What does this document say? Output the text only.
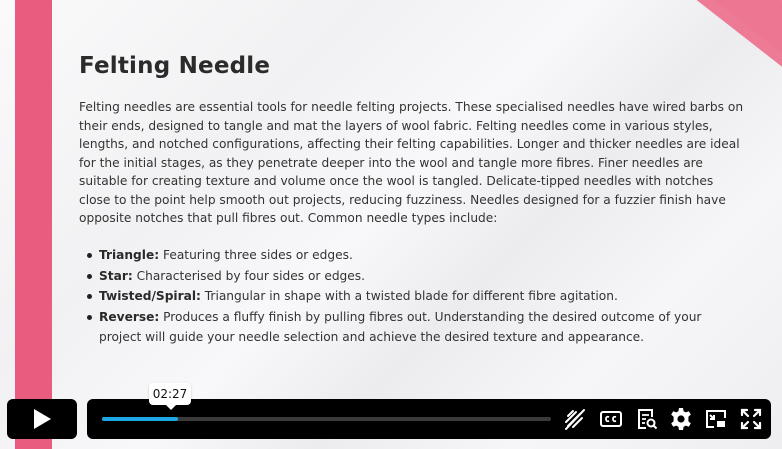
Felting Needle

Felting needles are essential tools for needle felting projects. These specialised needles have wired barbs on their ends, designed to tangle and mat the layers of wool fabric. Felting needles come in various styles, lengths, and notched configurations, affecting their felting capabilities. Longer and thicker needles are ideal for the initial stages, as they penetrate deeper into the wool and tangle more fibres. Finer needles are suitable for creating texture and volume once the wool is tangled. Delicate-tipped needles with notches close to the point help smooth out projects, reducing fuzziness. Needles designed for a fuzzier finish have opposite notches that pull fibres out. Common needle types include:

Triangle: Featuring three sides or edges.
Star: Characterised by four sides or edges.
Twisted/Spiral: Triangular in shape with a twisted blade for different fibre agitation.
Reverse: Produces a fluffy finish by pulling fibres out. Understanding the desired outcome of your project will guide your needle selection and achieve the desired texture and appearance.
02:27
